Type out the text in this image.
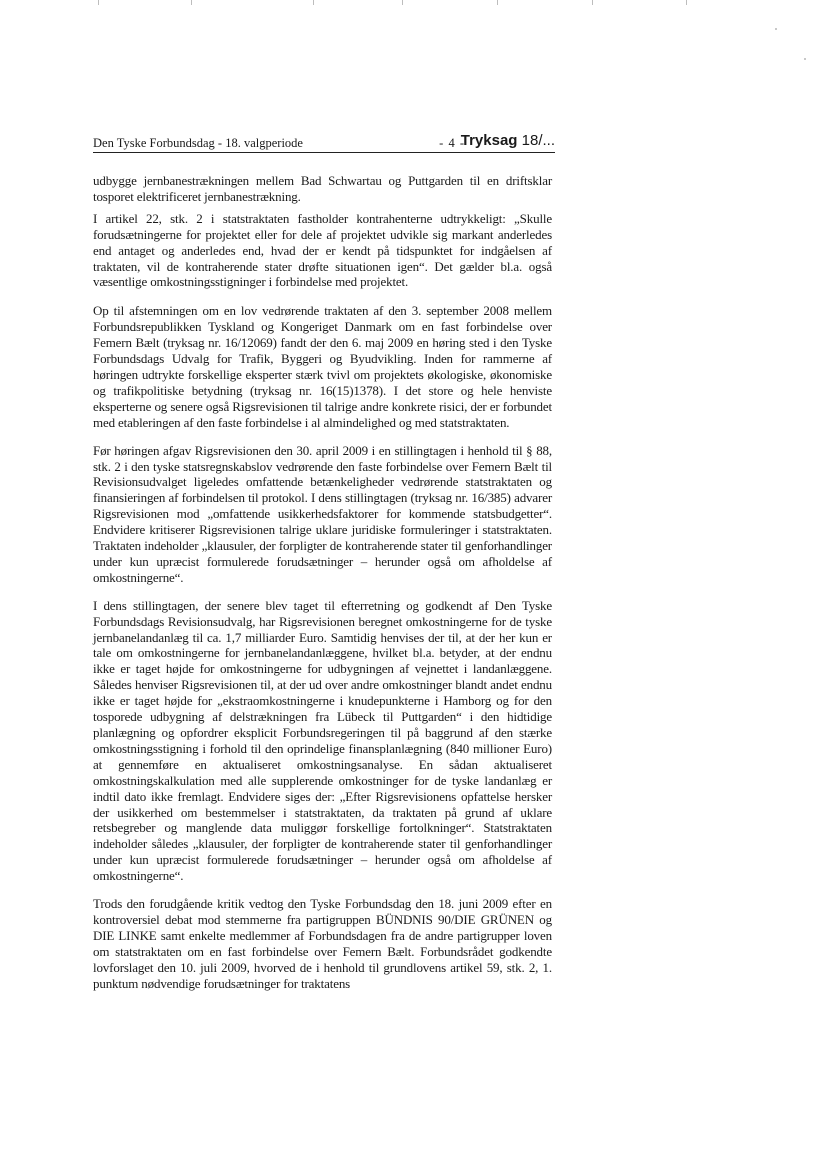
Den Tyske Forbundsdag - 18. valgperiode	- 4 -
Tryksag 18/...

udbygge jernbanestrækningen mellem Bad Schwartau og Puttgarden til en driftsklar tosporet elektrificeret jernbanestrækning.

I artikel 22, stk. 2 i statstraktaten fastholder kontrahenterne udtrykkeligt: „Skulle forudsætningerne for projektet eller for dele af projektet udvikle sig markant anderledes end antaget og anderledes end, hvad der er kendt på tidspunktet for indgåelsen af traktaten, vil de kontraherende stater drøfte situationen igen“. Det gælder bl.a. også væsentlige omkostningsstigninger i forbindelse med projektet.

Op til afstemningen om en lov vedrørende traktaten af den 3. september 2008 mellem Forbundsrepublikken Tyskland og Kongeriget Danmark om en fast forbindelse over Femern Bælt (tryksag nr. 16/12069) fandt der den 6. maj 2009 en høring sted i den Tyske Forbundsdags Udvalg for Trafik, Byggeri og Byudvikling. Inden for rammerne af høringen udtrykte forskellige eksperter stærk tvivl om projektets økologiske, økonomiske og trafikpolitiske betydning (tryksag nr. 16(15)1378). I det store og hele henviste eksperterne og senere også Rigsrevisionen til talrige andre konkrete risici, der er forbundet med etableringen af den faste forbindelse i al almindelighed og med statstraktaten.

Før høringen afgav Rigsrevisionen den 30. april 2009 i en stillingtagen i henhold til § 88, stk. 2 i den tyske statsregnskabslov vedrørende den faste forbindelse over Femern Bælt til Revisionsudvalget ligeledes omfattende betænkeligheder vedrørende statstraktaten og finansieringen af forbindelsen til protokol. I dens stillingtagen (tryksag nr. 16/385) advarer Rigsrevisionen mod „omfattende usikkerhedsfaktorer for kommende statsbudgetter“. Endvidere kritiserer Rigsrevisionen talrige uklare juridiske formuleringer i statstraktaten. Traktaten indeholder „klausuler, der forpligter de kontraherende stater til genforhandlinger under kun upræcist formulerede forudsætninger – herunder også om afholdelse af omkostningerne“.

I dens stillingtagen, der senere blev taget til efterretning og godkendt af Den Tyske Forbundsdags Revisionsudvalg, har Rigsrevisionen beregnet omkostningerne for de tyske jernbanelandanlæg til ca. 1,7 milliarder Euro. Samtidig henvises der til, at der her kun er tale om omkostningerne for jernbanelandanlæggene, hvilket bl.a. betyder, at der endnu ikke er taget højde for omkostningerne for udbygningen af vejnettet i landanlæggene. Således henviser Rigsrevisionen til, at der ud over andre omkostninger blandt andet endnu ikke er taget højde for „ekstraomkostningerne i knudepunkterne i Hamborg og for den tosporede udbygning af delstrækningen fra Lübeck til Puttgarden“ i den hidtidige planlægning og opfordrer eksplicit Forbundsregeringen til på baggrund af den stærke omkostningsstigning i forhold til den oprindelige finansplanlægning (840 millioner Euro) at gennemføre en aktualiseret omkostningsanalyse. En sådan aktualiseret omkostningskalkulation med alle supplerende omkostninger for de tyske landanlæg er indtil dato ikke fremlagt. Endvidere siges der: „Efter Rigsrevisionens opfattelse hersker der usikkerhed om bestemmelser i statstraktaten, da traktaten på grund af uklare retsbegreber og manglende data muliggør forskellige fortolkninger“. Statstraktaten indeholder således „klausuler, der forpligter de kontraherende stater til genforhandlinger under kun upræcist formulerede forudsætninger – herunder også om afholdelse af omkostningerne“.

Trods den forudgående kritik vedtog den Tyske Forbundsdag den 18. juni 2009 efter en kontroversiel debat mod stemmerne fra partigruppen BÜNDNIS 90/DIE GRÜNEN og DIE LINKE samt enkelte medlemmer af Forbundsdagen fra de andre partigrupper loven om statstraktaten om en fast forbindelse over Femern Bælt. Forbundsrådet godkendte lovforslaget den 10. juli 2009, hvorved de i henhold til grundlovens artikel 59, stk. 2, 1. punktum nødvendige forudsætninger for traktatens
